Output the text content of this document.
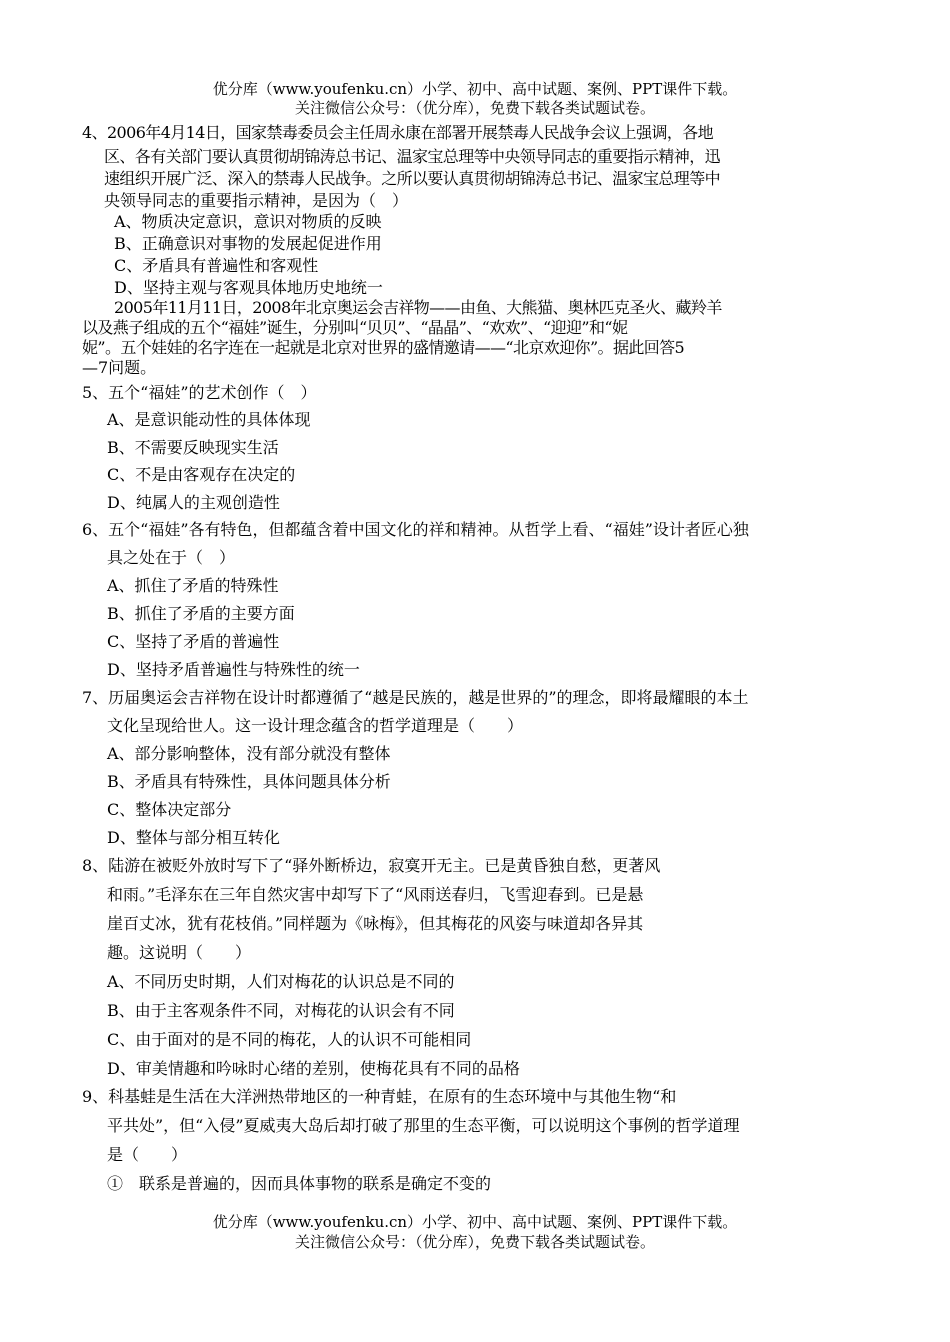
优分库（www.youfenku.cn）小学、初中、高中试题、案例、PPT课件下载。
关注微信公众号：（优分库），免费下载各类试题试卷。
4、2006年4月14日，国家禁毒委员会主任周永康在部署开展禁毒人民战争会议上强调，各地
区、各有关部门要认真贯彻胡锦涛总书记、温家宝总理等中央领导同志的重要指示精神，迅
速组织开展广泛、深入的禁毒人民战争。之所以要认真贯彻胡锦涛总书记、温家宝总理等中
央领导同志的重要指示精神，是因为（　）
A、物质决定意识，意识对物质的反映
B、正确意识对事物的发展起促进作用
C、矛盾具有普遍性和客观性
D、坚持主观与客观具体地历史地统一
2005年11月11日，2008年北京奥运会吉祥物——由鱼、大熊猫、奥林匹克圣火、藏羚羊
以及燕子组成的五个“福娃”诞生，分别叫“贝贝”、“晶晶”、“欢欢”、“迎迎”和“妮
妮”。五个娃娃的名字连在一起就是北京对世界的盛情邀请——“北京欢迎你”。据此回答5
—7问题。
5、五个“福娃”的艺术创作（　）
A、是意识能动性的具体体现
B、不需要反映现实生活
C、不是由客观存在决定的
D、纯属人的主观创造性
6、五个“福娃”各有特色，但都蕴含着中国文化的祥和精神。从哲学上看、“福娃”设计者匠心独
具之处在于（　）
A、抓住了矛盾的特殊性
B、抓住了矛盾的主要方面
C、坚持了矛盾的普遍性
D、坚持矛盾普遍性与特殊性的统一
7、历届奥运会吉祥物在设计时都遵循了“越是民族的，越是世界的”的理念，即将最耀眼的本土
文化呈现给世人。这一设计理念蕴含的哲学道理是（　　）
A、部分影响整体，没有部分就没有整体
B、矛盾具有特殊性，具体问题具体分析
C、整体决定部分
D、整体与部分相互转化
8、陆游在被贬外放时写下了“驿外断桥边，寂寞开无主。已是黄昏独自愁，更著风
和雨。”毛泽东在三年自然灾害中却写下了“风雨送春归，飞雪迎春到。已是悬
崖百丈冰，犹有花枝俏。”同样题为《咏梅》，但其梅花的风姿与味道却各异其
趣。这说明（　　）
A、不同历史时期，人们对梅花的认识总是不同的
B、由于主客观条件不同，对梅花的认识会有不同
C、由于面对的是不同的梅花，人的认识不可能相同
D、审美情趣和吟咏时心绪的差别，使梅花具有不同的品格
9、科基蛙是生活在大洋洲热带地区的一种青蛙，在原有的生态环境中与其他生物“和
平共处”，但“入侵”夏威夷大岛后却打破了那里的生态平衡，可以说明这个事例的哲学道理
是（　　）
①　联系是普遍的，因而具体事物的联系是确定不变的
优分库（www.youfenku.cn）小学、初中、高中试题、案例、PPT课件下载。
关注微信公众号：（优分库），免费下载各类试题试卷。
